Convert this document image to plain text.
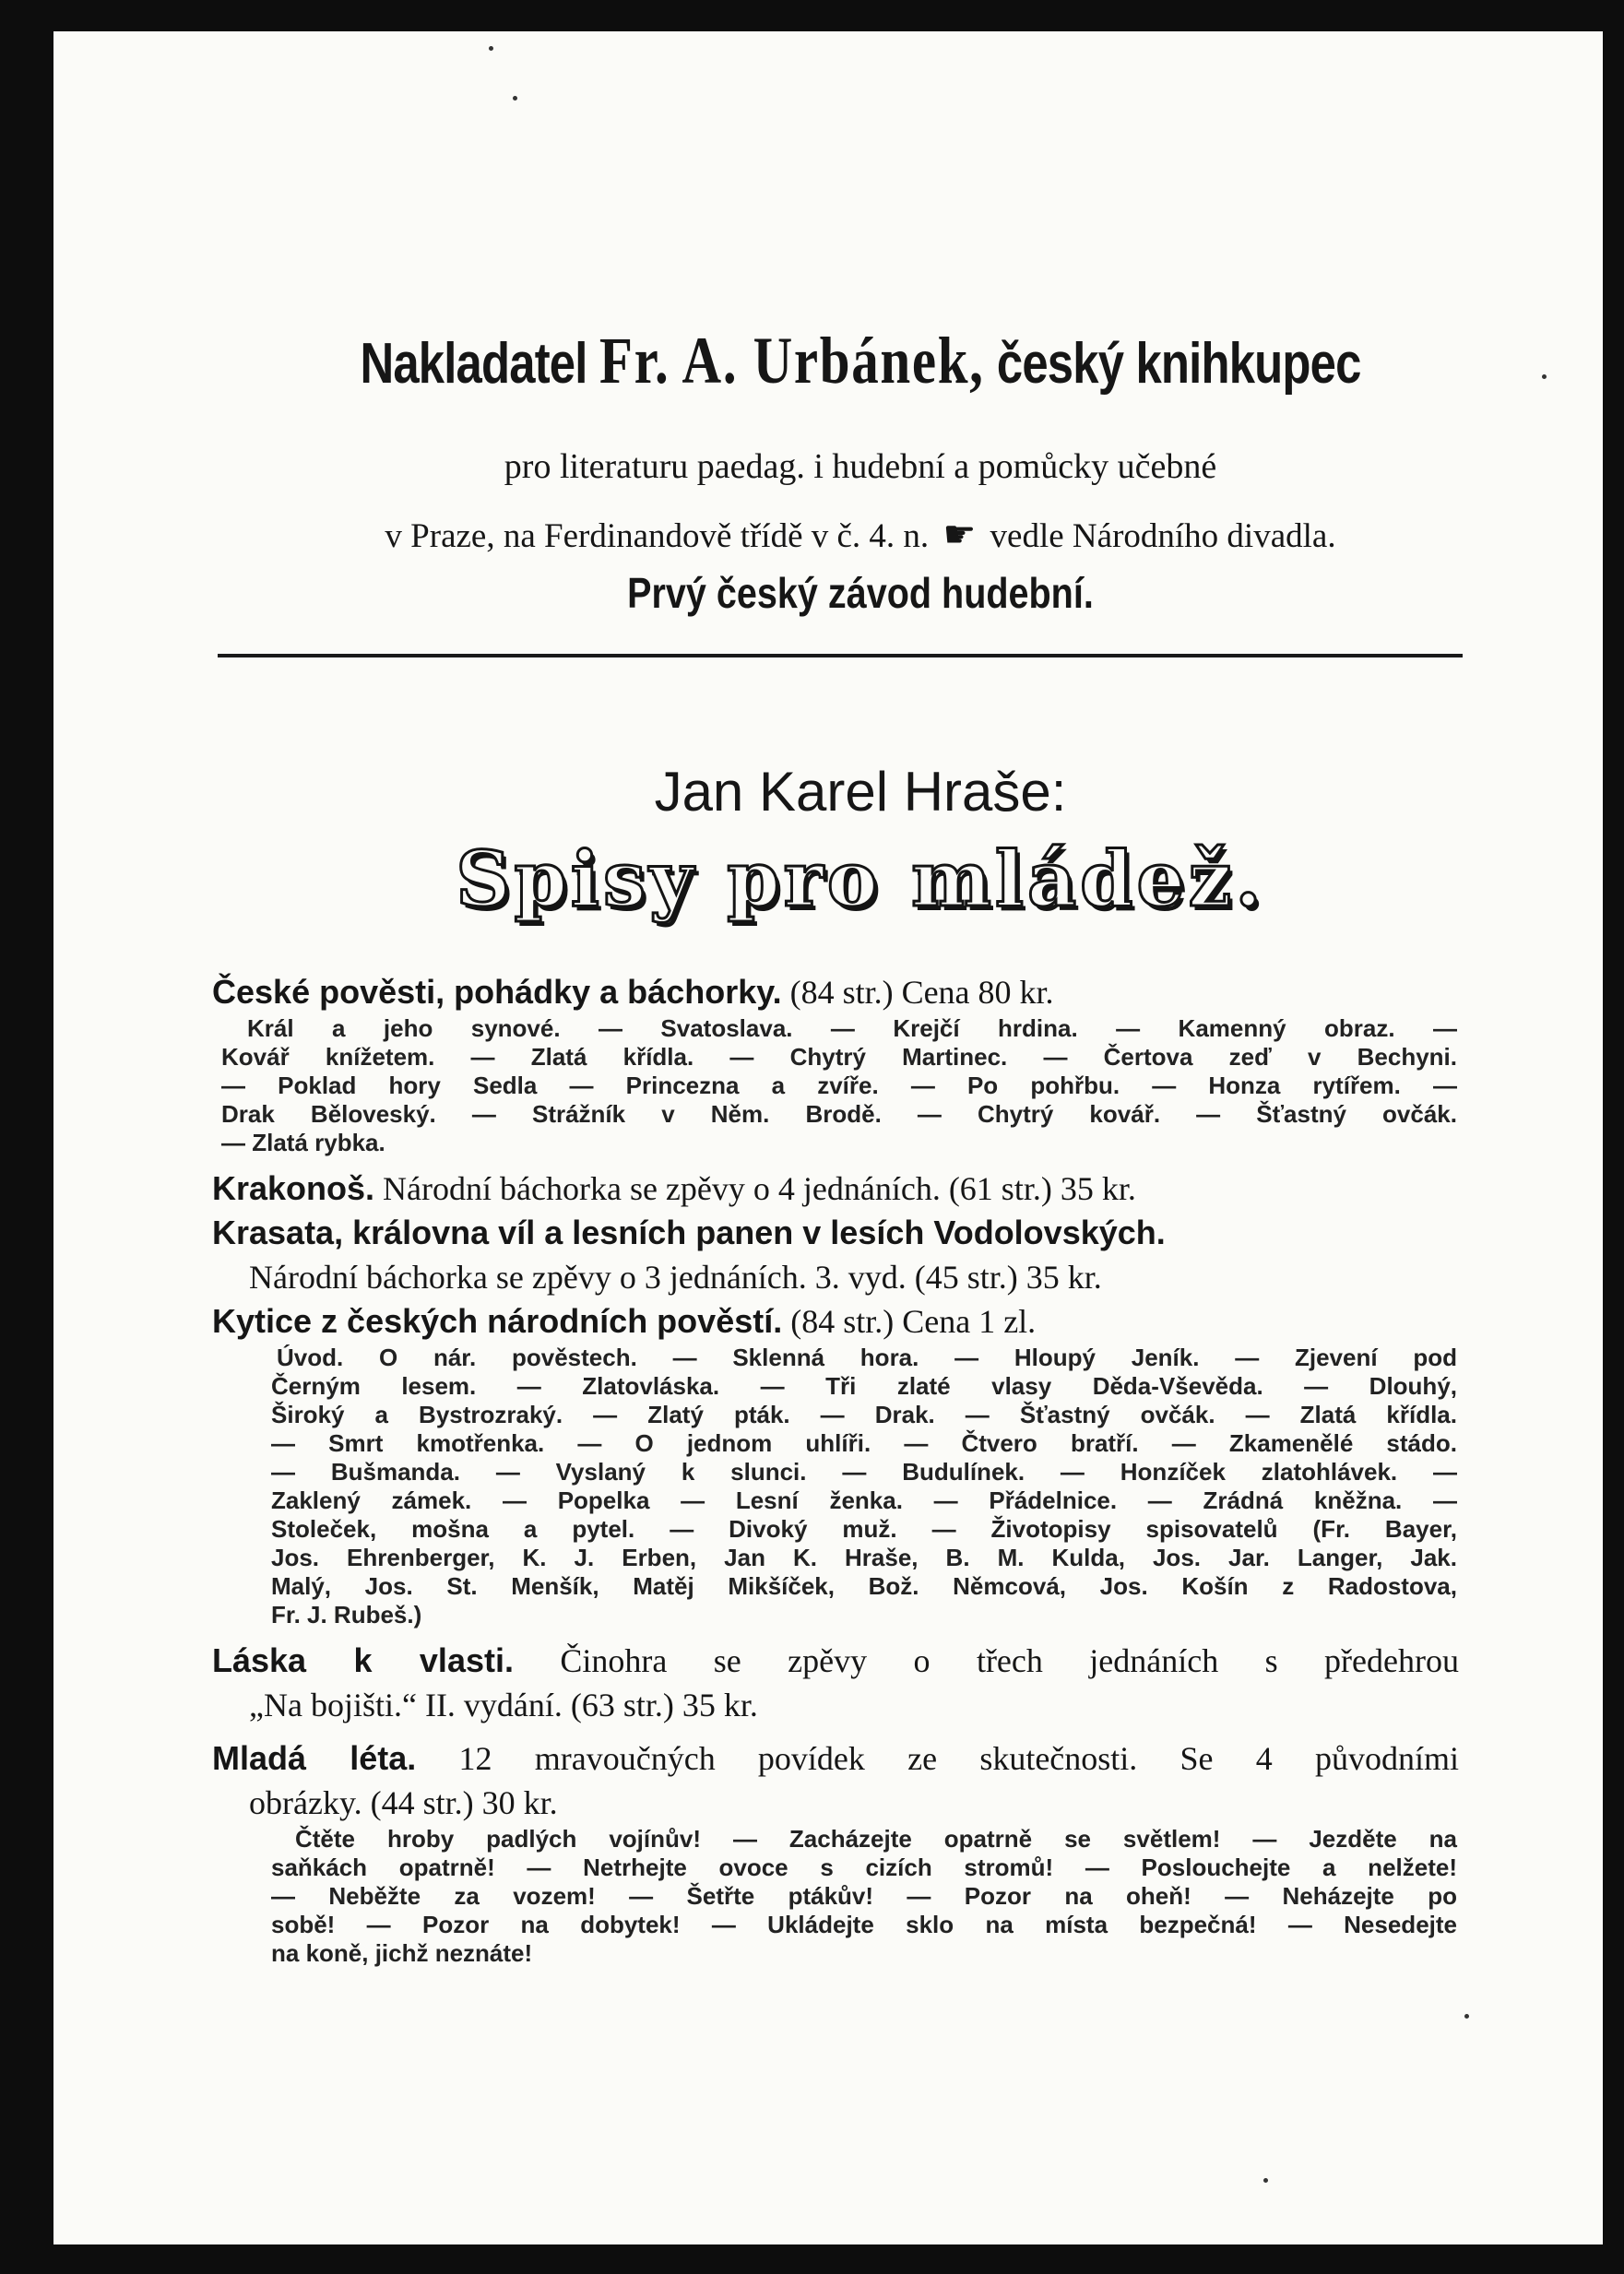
Nakladatel Fr. A. Urbánek, český knihkupec
pro literaturu paedag. i hudební a pomůcky učebné
v Praze, na Ferdinandově třídě v č. 4. n. ☛ vedle Národního divadla.
Prvý český závod hudební.
Jan Karel Hraše:
Spisy pro mládež.
České pověsti, pohádky a báchorky. (84 str.) Cena 80 kr.
Král a jeho synové. — Svatoslava. — Krejčí hrdina. — Kamenný obraz. —
Kovář knížetem. — Zlatá křídla. — Chytrý Martinec. — Čertova zeď v Bechyni.
— Poklad hory Sedla — Princezna a zvíře. — Po pohřbu. — Honza rytířem. —
Drak Běloveský. — Strážník v Něm. Brodě. — Chytrý kovář. — Šťastný ovčák.
— Zlatá rybka.
Krakonoš. Národní báchorka se zpěvy o 4 jednáních. (61 str.) 35 kr.
Krasata, královna víl a lesních panen v lesích Vodolovských.
Národní báchorka se zpěvy o 3 jednáních. 3. vyd. (45 str.) 35 kr.
Kytice z českých národních pověstí. (84 str.) Cena 1 zl.
Úvod. O nár. pověstech. — Sklenná hora. — Hloupý Jeník. — Zjevení pod
Černým lesem. — Zlatovláska. — Tři zlaté vlasy Děda-Vševěda. — Dlouhý,
Široký a Bystrozraký. — Zlatý pták. — Drak. — Šťastný ovčák. — Zlatá křídla.
— Smrt kmotřenka. — O jednom uhlíři. — Čtvero bratří. — Zkamenělé stádo.
— Bušmanda. — Vyslaný k slunci. — Budulínek. — Honzíček zlatohlávek. —
Zaklený zámek. — Popelka — Lesní ženka. — Přádelnice. — Zrádná kněžna. —
Stoleček, mošna a pytel. — Divoký muž. — Životopisy spisovatelů (Fr. Bayer,
Jos. Ehrenberger, K. J. Erben, Jan K. Hraše, B. M. Kulda, Jos. Jar. Langer, Jak.
Malý, Jos. St. Menšík, Matěj Mikšíček, Bož. Němcová, Jos. Košín z Radostova,
Fr. J. Rubeš.)
Láska k vlasti. Činohra se zpěvy o třech jednáních s předehrou
„Na bojišti.“ II. vydání. (63 str.) 35 kr.
Mladá léta. 12 mravoučných povídek ze skutečnosti. Se 4 původními
obrázky. (44 str.) 30 kr.
Čtěte hroby padlých vojínův! — Zacházejte opatrně se světlem! — Jezděte na
saňkách opatrně! — Netrhejte ovoce s cizích stromů! — Poslouchejte a nelžete!
— Neběžte za vozem! — Šetřte ptákův! — Pozor na oheň! — Neházejte po
sobě! — Pozor na dobytek! — Ukládejte sklo na místa bezpečná! — Nesedejte
na koně, jichž neznáte!
